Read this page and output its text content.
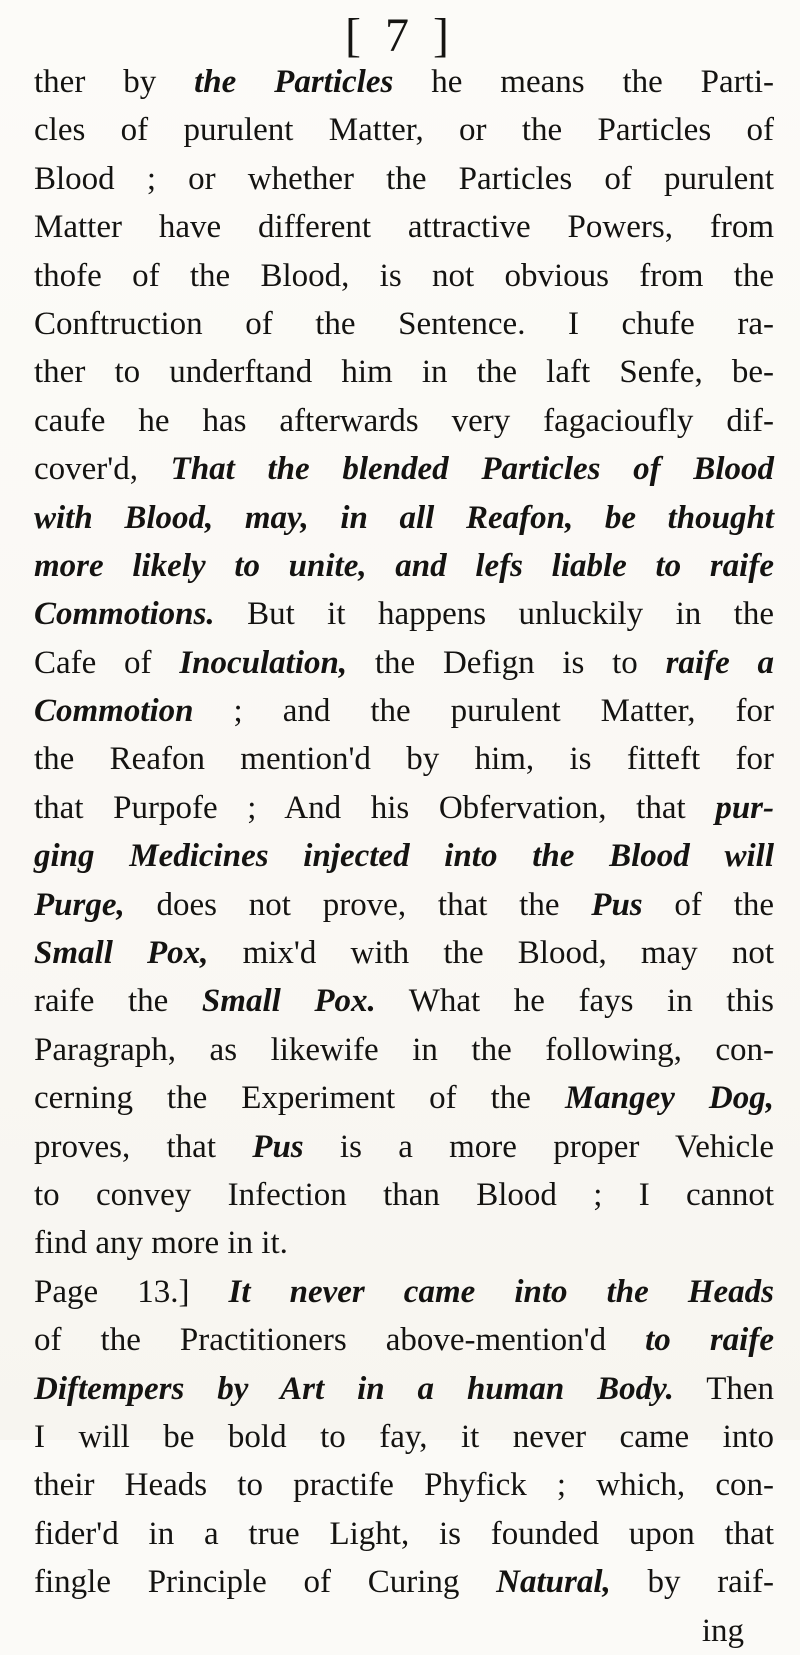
[ 7 ]
ther by the Particles he means the Parti-
cles of purulent Matter, or the Particles of
Blood ; or whether the Particles of purulent
Matter have different attractive Powers, from
thofe of the Blood, is not obvious from the
Conftruction of the Sentence. I chufe ra-
ther to underftand him in the laft Senfe, be-
caufe he has afterwards very fagacioufly dif-
cover'd, That the blended Particles of Blood
with Blood, may, in all Reafon, be thought
more likely to unite, and lefs liable to raife
Commotions. But it happens unluckily in the
Cafe of Inoculation, the Defign is to raife a
Commotion ; and the purulent Matter, for
the Reafon mention'd by him, is fitteft for
that Purpofe ; And his Obfervation, that pur-
ging Medicines injected into the Blood will
Purge, does not prove, that the Pus of the
Small Pox, mix'd with the Blood, may not
raife the Small Pox. What he fays in this
Paragraph, as likewife in the following, con-
cerning the Experiment of the Mangey Dog,
proves, that Pus is a more proper Vehicle
to convey Infection than Blood ; I cannot
find any more in it.
Page 13.] It never came into the Heads
of the Practitioners above-mention'd to raife
Diftempers by Art in a human Body. Then
I will be bold to fay, it never came into
their Heads to practife Phyfick ; which, con-
fider'd in a true Light, is founded upon that
fingle Principle of Curing Natural, by raif-
ing
